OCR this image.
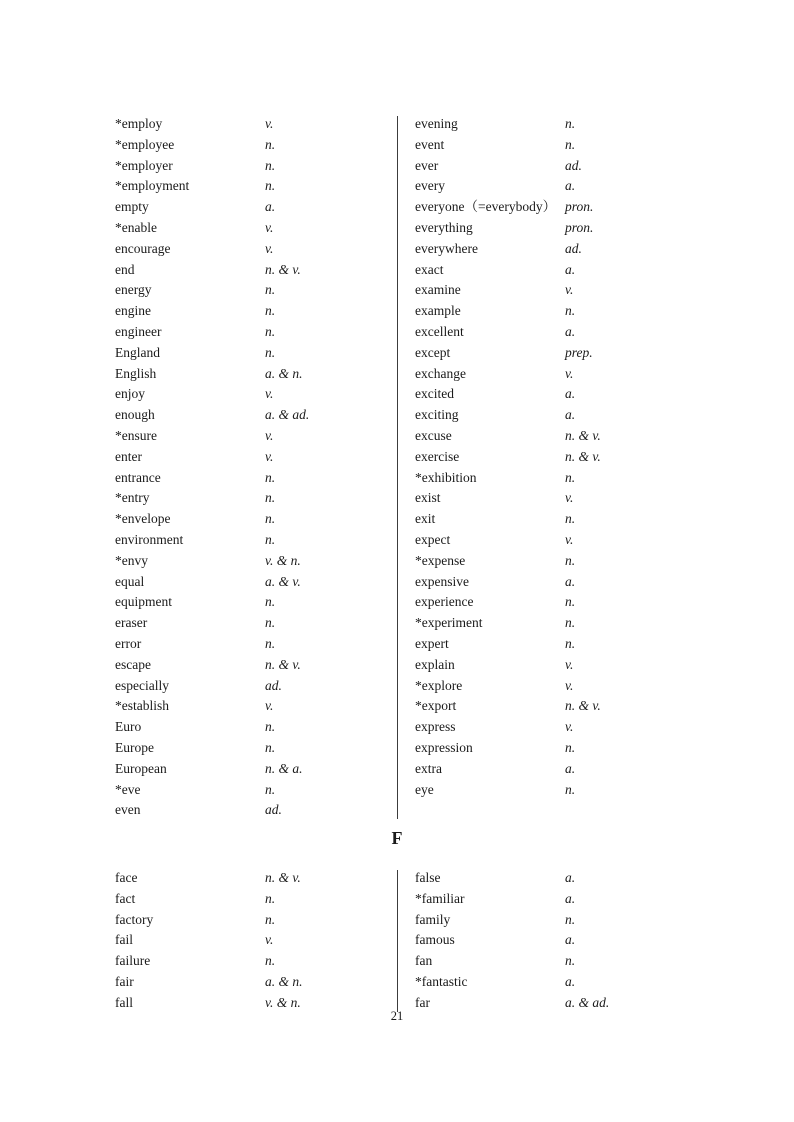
*employ	v.
*employee	n.
*employer	n.
*employment	n.
empty	a.
*enable	v.
encourage	v.
end	n. & v.
energy	n.
engine	n.
engineer	n.
England	n.
English	a. & n.
enjoy	v.
enough	a. & ad.
*ensure	v.
enter	v.
entrance	n.
*entry	n.
*envelope	n.
environment	n.
*envy	v. & n.
equal	a. & v.
equipment	n.
eraser	n.
error	n.
escape	n. & v.
especially	ad.
*establish	v.
Euro	n.
Europe	n.
European	n. & a.
*eve	n.
even	ad.
evening	n.
event	n.
ever	ad.
every	a.
everyone（=everybody） pron.
everything	pron.
everywhere	ad.
exact	a.
examine	v.
example	n.
excellent	a.
except	prep.
exchange	v.
excited	a.
exciting	a.
excuse	n. & v.
exercise	n. & v.
*exhibition	n.
exist	v.
exit	n.
expect	v.
*expense	n.
expensive	a.
experience	n.
*experiment	n.
expert	n.
explain	v.
*explore	v.
*export	n. & v.
express	v.
expression	n.
extra	a.
eye	n.
F
face	n. & v.
fact	n.
factory	n.
fail	v.
failure	n.
fair	a. & n.
fall	v. & n.
false	a.
*familiar	a.
family	n.
famous	a.
fan	n.
*fantastic	a.
far	a. & ad.
21
